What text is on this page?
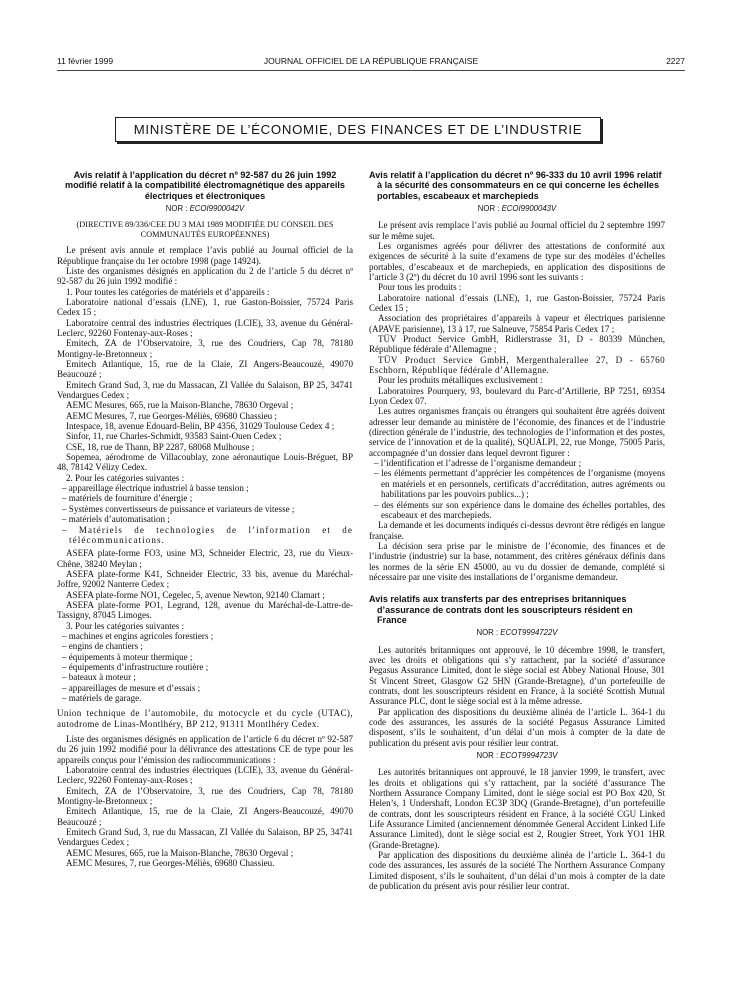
11 février 1999	JOURNAL OFFICIEL DE LA RÉPUBLIQUE FRANÇAISE	2227
MINISTÈRE DE L’ÉCONOMIE, DES FINANCES ET DE L’INDUSTRIE
Avis relatif à l’application du décret nº 92-587 du 26 juin 1992 modifié relatif à la compatibilité électromagnétique des appareils électriques et électroniques
NOR : ECOI9900042V
(DIRECTIVE 89/336/CEE DU 3 MAI 1989 MODIFIÉE DU CONSEIL DES COMMUNAUTÉS EUROPÉENNES)

Le présent avis annule et remplace l’avis publié au Journal officiel de la République française du 1er octobre 1998 (page 14924).

Liste des organismes désignés en application du 2 de l’article 5 du décret nº 92-587 du 26 juin 1992 modifié :

1. Pour toutes les catégories de matériels et d’appareils :

Laboratoire national d’essais (LNE), 1, rue Gaston-Boissier, 75724 Paris Cedex 15 ;

Laboratoire central des industries électriques (LCIE), 33, avenue du Général-Leclerc, 92260 Fontenay-aux-Roses ;

Emitech, ZA de l’Observatoire, 3, rue des Coudriers, Cap 78, 78180 Montigny-le-Bretonneux ;

Emitech Atlantique, 15, rue de la Claie, ZI Angers-Beaucouzé, 49070 Beaucouzé ;

Emitech Grand Sud, 3, rue du Massacan, ZI Vallée du Salaison, BP 25, 34741 Vendargues Cedex ;

AEMC Mesures, 665, rue la Maison-Blanche, 78630 Orgeval ;

AEMC Mesures, 7, rue Georges-Méliès, 69680 Chassieu ;

Intespace, 18, avenue Edouard-Belin, BP 4356, 31029 Toulouse Cedex 4 ;

Sinfor, 11, rue Charles-Schmidt, 93583 Saint-Ouen Cedex ;

CSE, 18, rue de Thann, BP 2287, 68068 Mulhouse ;

Sopemea, aérodrome de Villacoublay, zone aéronautique Louis-Bréguet, BP 48, 78142 Vélizy Cedex.

2. Pour les catégories suivantes :

– appareillage électrique industriel à basse tension ;

– matériels de fourniture d’énergie ;

– Systèmes convertisseurs de puissance et variateurs de vitesse ;

– matériels d’automatisation ;

– Matériels de technologies de l’information et de télécommunications.

ASEFA plate-forme FO3, usine M3, Schneider Electric, 23, rue du Vieux-Chêne, 38240 Meylan ;

ASEFA plate-forme K41, Schneider Electric, 33 bis, avenue du Maréchal-Joffre, 92002 Nanterre Cedex ;

ASEFA plate-forme NO1, Cegelec, 5, avenue Newton, 92140 Clamart ;

ASEFA plate-forme PO1, Legrand, 128, avenue du Maréchal-de-Lattre-de-Tassigny, 87045 Limoges.

3. Pour les catégories suivantes :

– machines et engins agricoles forestiers ;

– engins de chantiers ;

– équipements à moteur thermique ;

– équipements d’infrastructure routière ;

– bateaux à moteur ;

– appareillages de mesure et d’essais ;

– matériels de garage.

Union technique de l’automobile, du motocycle et du cycle (UTAC), autodrome de Linas-Montlhéry, BP 212, 91311 Montlhéry Cedex.

Liste des organismes désignés en application de l’article 6 du décret nº 92-587 du 26 juin 1992 modifié pour la délivrance des attestations CE de type pour les appareils conçus pour l’émission des radiocommunications :

Laboratoire central des industries électriques (LCIE), 33, avenue du Général-Leclerc, 92260 Fontenay-aux-Roses ;

Emitech, ZA de l’Observatoire, 3, rue des Coudriers, Cap 78, 78180 Montigny-le-Bretonneux ;

Emitech Atlantique, 15, rue de la Claie, ZI Angers-Beaucouzé, 49070 Beaucouzé ;

Emitech Grand Sud, 3, rue du Massacan, ZI Vallée du Salaison, BP 25, 34741 Vendargues Cedex ;

AEMC Mesures, 665, rue la Maison-Blanche, 78630 Orgeval ;

AEMC Mesures, 7, rue Georges-Méliès, 69680 Chassieu.

Avis relatif à l’application du décret nº 96-333 du 10 avril 1996 relatif à la sécurité des consommateurs en ce qui concerne les échelles portables, escabeaux et marchepieds
NOR : ECOI9900043V

Le présent avis remplace l’avis publié au Journal officiel du 2 septembre 1997 sur le même sujet.

Les organismes agréés pour délivrer des attestations de conformité aux exigences de sécurité à la suite d’examens de type sur des modèles d’échelles portables, d’escabeaux et de marchepieds, en application des dispositions de l’article 3 (2º) du décret du 10 avril 1996 sont les suivants :

Pour tous les produits :

Laboratoire national d’essais (LNE), 1, rue Gaston-Boissier, 75724 Paris Cedex 15 ;

Association des propriétaires d’appareils à vapeur et électriques parisienne (APAVE parisienne), 13 à 17, rue Salneuve, 75854 Paris Cedex 17 ;

TÜV Product Service GmbH, Ridlerstrasse 31, D - 80339 München, République fédérale d’Allemagne ;

TÜV Product Service GmbH, Mergenthalerallee 27, D - 65760 Eschborn, République fédérale d’Allemagne.

Pour les produits métalliques exclusivement :

Laboratoires Pourquery, 93, boulevard du Parc-d’Artillerie, BP 7251, 69354 Lyon Cedex 07.

Les autres organismes français ou étrangers qui souhaitent être agréés doivent adresser leur demande au ministère de l’économie, des finances et de l’industrie (direction générale de l’industrie, des technologies de l’information et des postes, service de l’innovation et de la qualité), SQUALPI, 22, rue Monge, 75005 Paris, accompagnée d’un dossier dans lequel devront figurer :

– l’identification et l’adresse de l’organisme demandeur ;

– les éléments permettant d’apprécier les compétences de l’organisme (moyens en matériels et en personnels, certificats d’accréditation, autres agréments ou habilitations par les pouvoirs publics...) ;

– des éléments sur son expérience dans le domaine des échelles portables, des escabeaux et des marchepieds.

La demande et les documents indiqués ci-dessus devront être rédigés en langue française.

La décision sera prise par le ministre de l’économie, des finances et de l’industrie (industrie) sur la base, notamment, des critères généraux définis dans les normes de la série EN 45000, au vu du dossier de demande, complété si nécessaire par une visite des installations de l’organisme demandeur.

Avis relatifs aux transferts par des entreprises britanniques d’assurance de contrats dont les souscripteurs résident en France
NOR : ECOT9994722V

Les autorités britanniques ont approuvé, le 10 décembre 1998, le transfert, avec les droits et obligations qui s’y rattachent, par la société d’assurance Pegasus Assurance Limited, dont le siège social est Abbey National House, 301 St Vincent Street, Glasgow G2 5HN (Grande-Bretagne), d’un portefeuille de contrats, dont les souscripteurs résident en France, à la société Scottish Mutual Assurance PLC, dont le siège social est à la même adresse.

Par application des dispositions du deuxième alinéa de l’article L. 364-1 du code des assurances, les assurés de la société Pegasus Assurance Limited disposent, s’ils le souhaitent, d’un délai d’un mois à compter de la date de publication du présent avis pour résilier leur contrat.

NOR : ECOT9994723V

Les autorités britanniques ont approuvé, le 18 janvier 1999, le transfert, avec les droits et obligations qui s’y rattachent, par la société d’assurance The Northern Assurance Company Limited, dont le siège social est PO Box 420, St Helen’s, 1 Undershaft, London EC3P 3DQ (Grande-Bretagne), d’un portefeuille de contrats, dont les souscripteurs résident en France, à la société CGU Linked Life Assurance Limited (anciennement dénommée General Accident Linked Life Assurance Limited), dont le siège social est 2, Rougier Street, York YO1 1HR (Grande-Bretagne).

Par application des dispositions du deuxième alinéa de l’article L. 364-1 du code des assurances, les assurés de la société The Northern Assurance Company Limited disposent, s’ils le souhaitent, d’un délai d’un mois à compter de la date de publication du présent avis pour résilier leur contrat.
